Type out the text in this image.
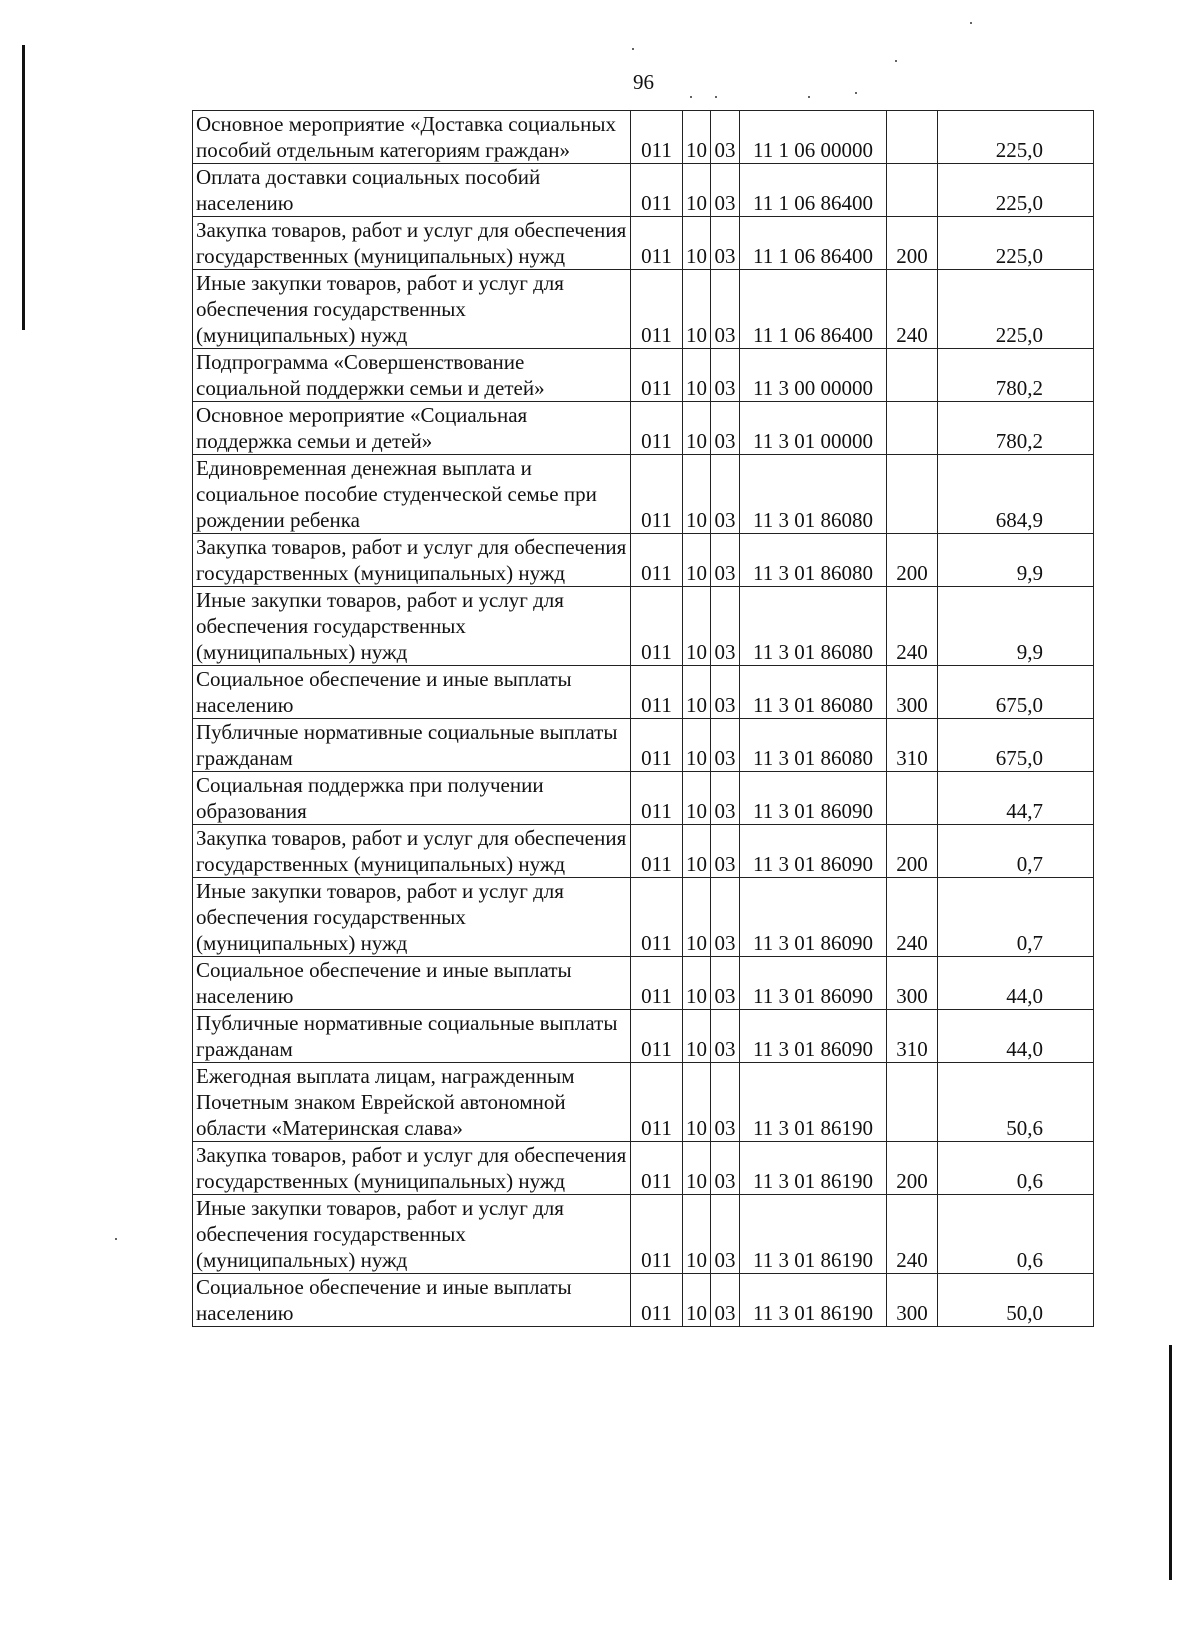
96
Основное мероприятие «Доставка социальных пособий отдельным категориям граждан»	011	10	03	11 1 06 00000		225,0
Оплата доставки социальных пособий населению	011	10	03	11 1 06 86400		225,0
Закупка товаров, работ и услуг для обеспечения государственных (муниципальных) нужд	011	10	03	11 1 06 86400	200	225,0
Иные закупки товаров, работ и услуг для обеспечения государственных (муниципальных) нужд	011	10	03	11 1 06 86400	240	225,0
Подпрограмма «Совершенствование социальной поддержки семьи и детей»	011	10	03	11 3 00 00000		780,2
Основное мероприятие «Социальная поддержка семьи и детей»	011	10	03	11 3 01 00000		780,2
Единовременная денежная выплата и социальное пособие студенческой семье при рождении ребенка	011	10	03	11 3 01 86080		684,9
Закупка товаров, работ и услуг для обеспечения государственных (муниципальных) нужд	011	10	03	11 3 01 86080	200	9,9
Иные закупки товаров, работ и услуг для обеспечения государственных (муниципальных) нужд	011	10	03	11 3 01 86080	240	9,9
Социальное обеспечение и иные выплаты населению	011	10	03	11 3 01 86080	300	675,0
Публичные нормативные социальные выплаты гражданам	011	10	03	11 3 01 86080	310	675,0
Социальная поддержка при получении образования	011	10	03	11 3 01 86090		44,7
Закупка товаров, работ и услуг для обеспечения государственных (муниципальных) нужд	011	10	03	11 3 01 86090	200	0,7
Иные закупки товаров, работ и услуг для обеспечения государственных (муниципальных) нужд	011	10	03	11 3 01 86090	240	0,7
Социальное обеспечение и иные выплаты населению	011	10	03	11 3 01 86090	300	44,0
Публичные нормативные социальные выплаты гражданам	011	10	03	11 3 01 86090	310	44,0
Ежегодная выплата лицам, награжденным Почетным знаком Еврейской автономной области «Материнская слава»	011	10	03	11 3 01 86190		50,6
Закупка товаров, работ и услуг для обеспечения государственных (муниципальных) нужд	011	10	03	11 3 01 86190	200	0,6
Иные закупки товаров, работ и услуг для обеспечения государственных (муниципальных) нужд	011	10	03	11 3 01 86190	240	0,6
Социальное обеспечение и иные выплаты населению	011	10	03	11 3 01 86190	300	50,0
